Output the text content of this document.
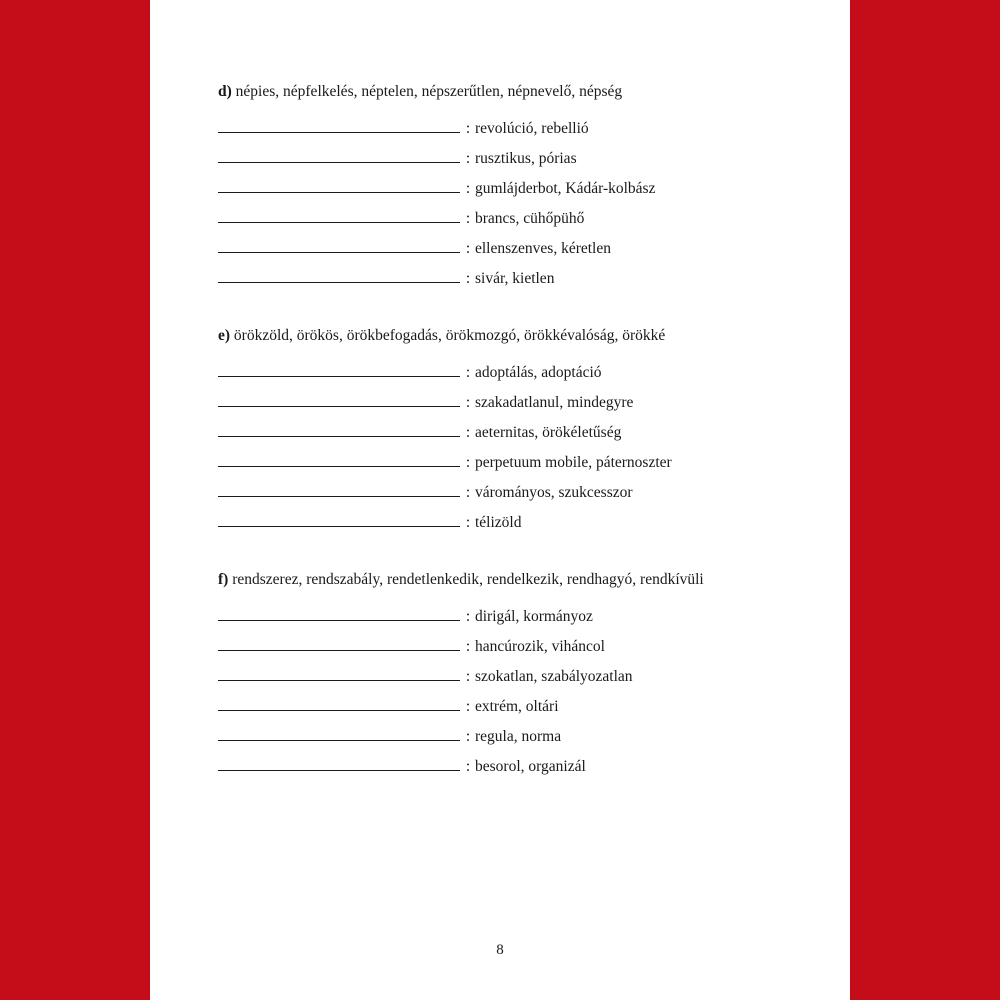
d) népies, népfelkelés, néptelen, népszerűtlen, népnevelő, népség
: revolúció, rebellió
: rusztikus, pórias
: gumlájderbot, Kádár-kolbász
: brancs, cühőpühő
: ellenszenves, kéretlen
: sivár, kietlen
e) örökzöld, örökös, örökbefogadás, örökmozgó, örökkévalóság, örökké
: adoptálás, adoptáció
: szakadatlanul, mindegyre
: aeternitas, örökéletűség
: perpetuum mobile, páternoszter
: várományos, szukcesszor
: télizöld
f) rendszerez, rendszabály, rendetlenkedik, rendelkezik, rendhagyó, rendkívüli
: dirigál, kormányoz
: hancúrozik, viháncol
: szokatlan, szabályozatlan
: extrém, oltári
: regula, norma
: besorol, organizál
8
